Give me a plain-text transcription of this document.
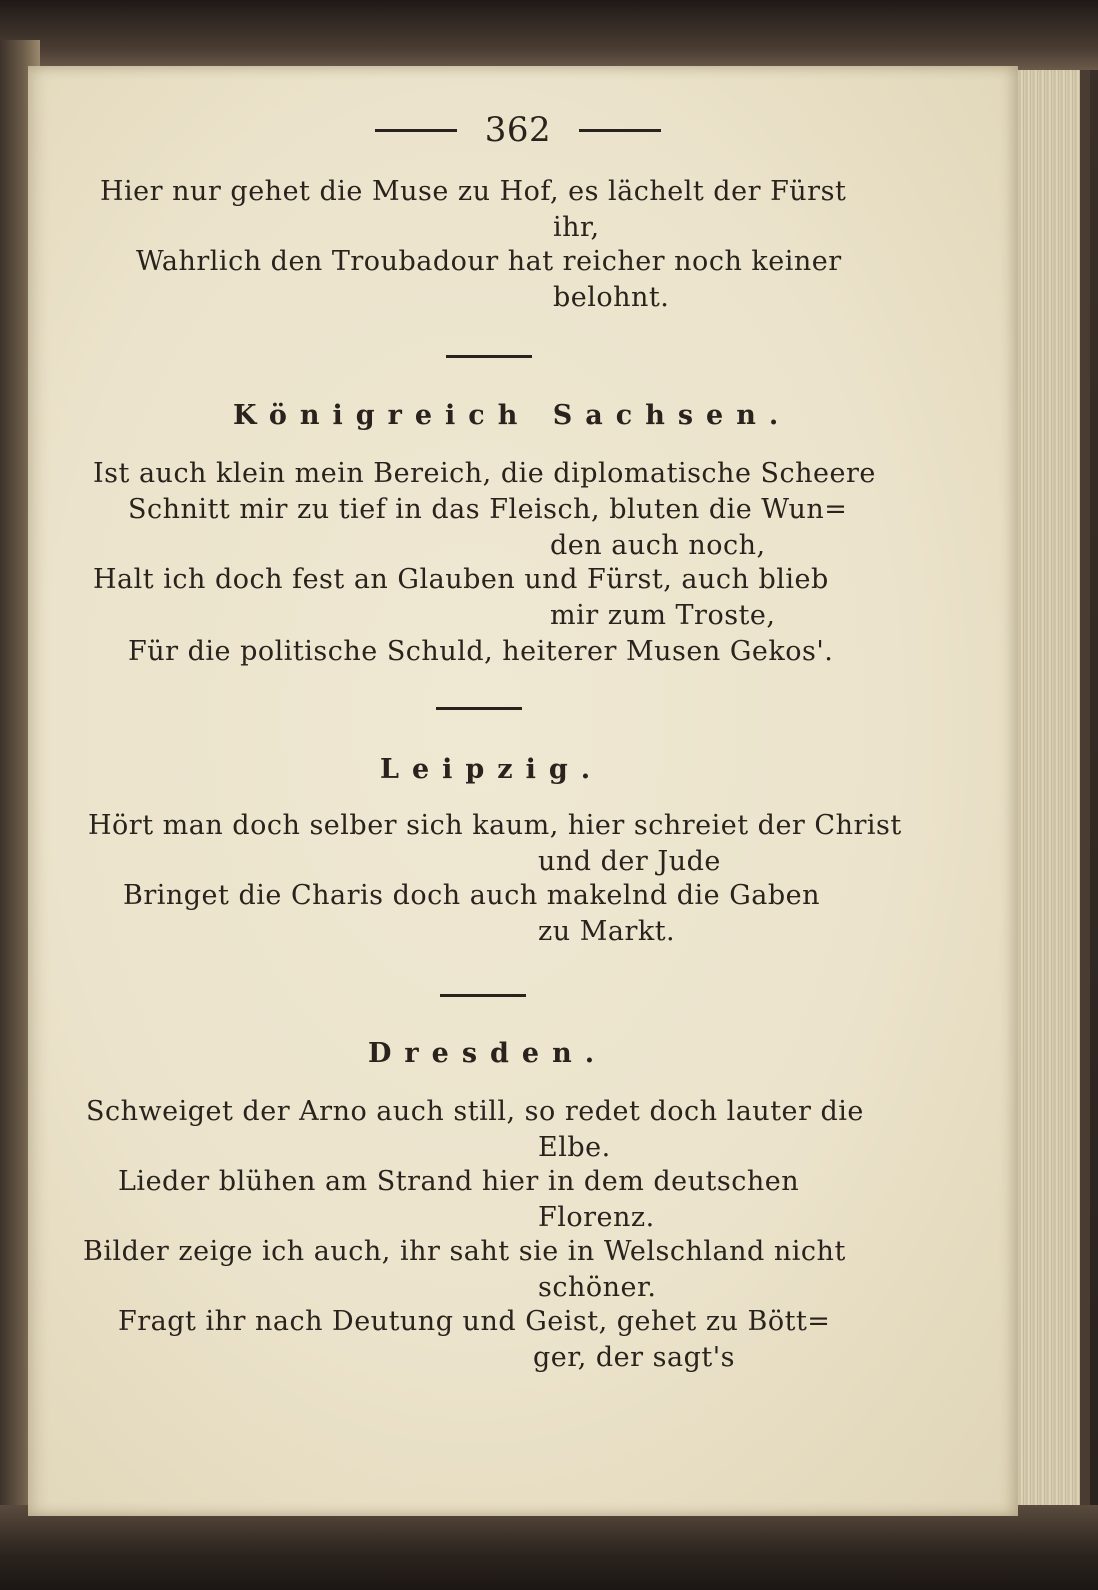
362
Hier nur gehet die Muse zu Hof, es lächelt der Fürst
ihr,
Wahrlich den Troubadour hat reicher noch keiner
belohnt.
Königreich Sachsen.
Ist auch klein mein Bereich, die diplomatische Scheere
Schnitt mir zu tief in das Fleisch, bluten die Wun=
den auch noch,
Halt ich doch fest an Glauben und Fürst, auch blieb
mir zum Troste,
Für die politische Schuld, heiterer Musen Gekos'.
Leipzig.
Hört man doch selber sich kaum, hier schreiet der Christ
und der Jude
Bringet die Charis doch auch makelnd die Gaben
zu Markt.
Dresden.
Schweiget der Arno auch still, so redet doch lauter die
Elbe.
Lieder blühen am Strand hier in dem deutschen
Florenz.
Bilder zeige ich auch, ihr saht sie in Welschland nicht
schöner.
Fragt ihr nach Deutung und Geist, gehet zu Bött=
ger, der sagt's
